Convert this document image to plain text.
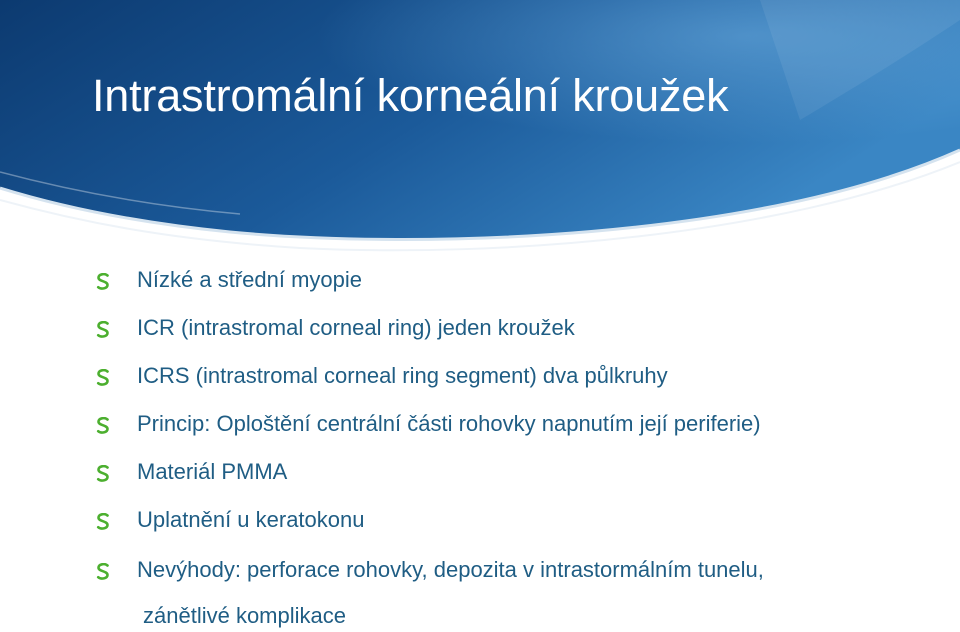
Intrastromální korneální kroužek
Nízké a střední myopie
ICR (intrastromal corneal ring) jeden kroužek
ICRS (intrastromal corneal ring segment) dva půlkruhy
Princip: Oploštění centrální části rohovky napnutím její periferie)
Materiál PMMA
Uplatnění u keratokonu
Nevýhody: perforace rohovky, depozita v intrastormálním tunelu,
zánětlivé komplikace
